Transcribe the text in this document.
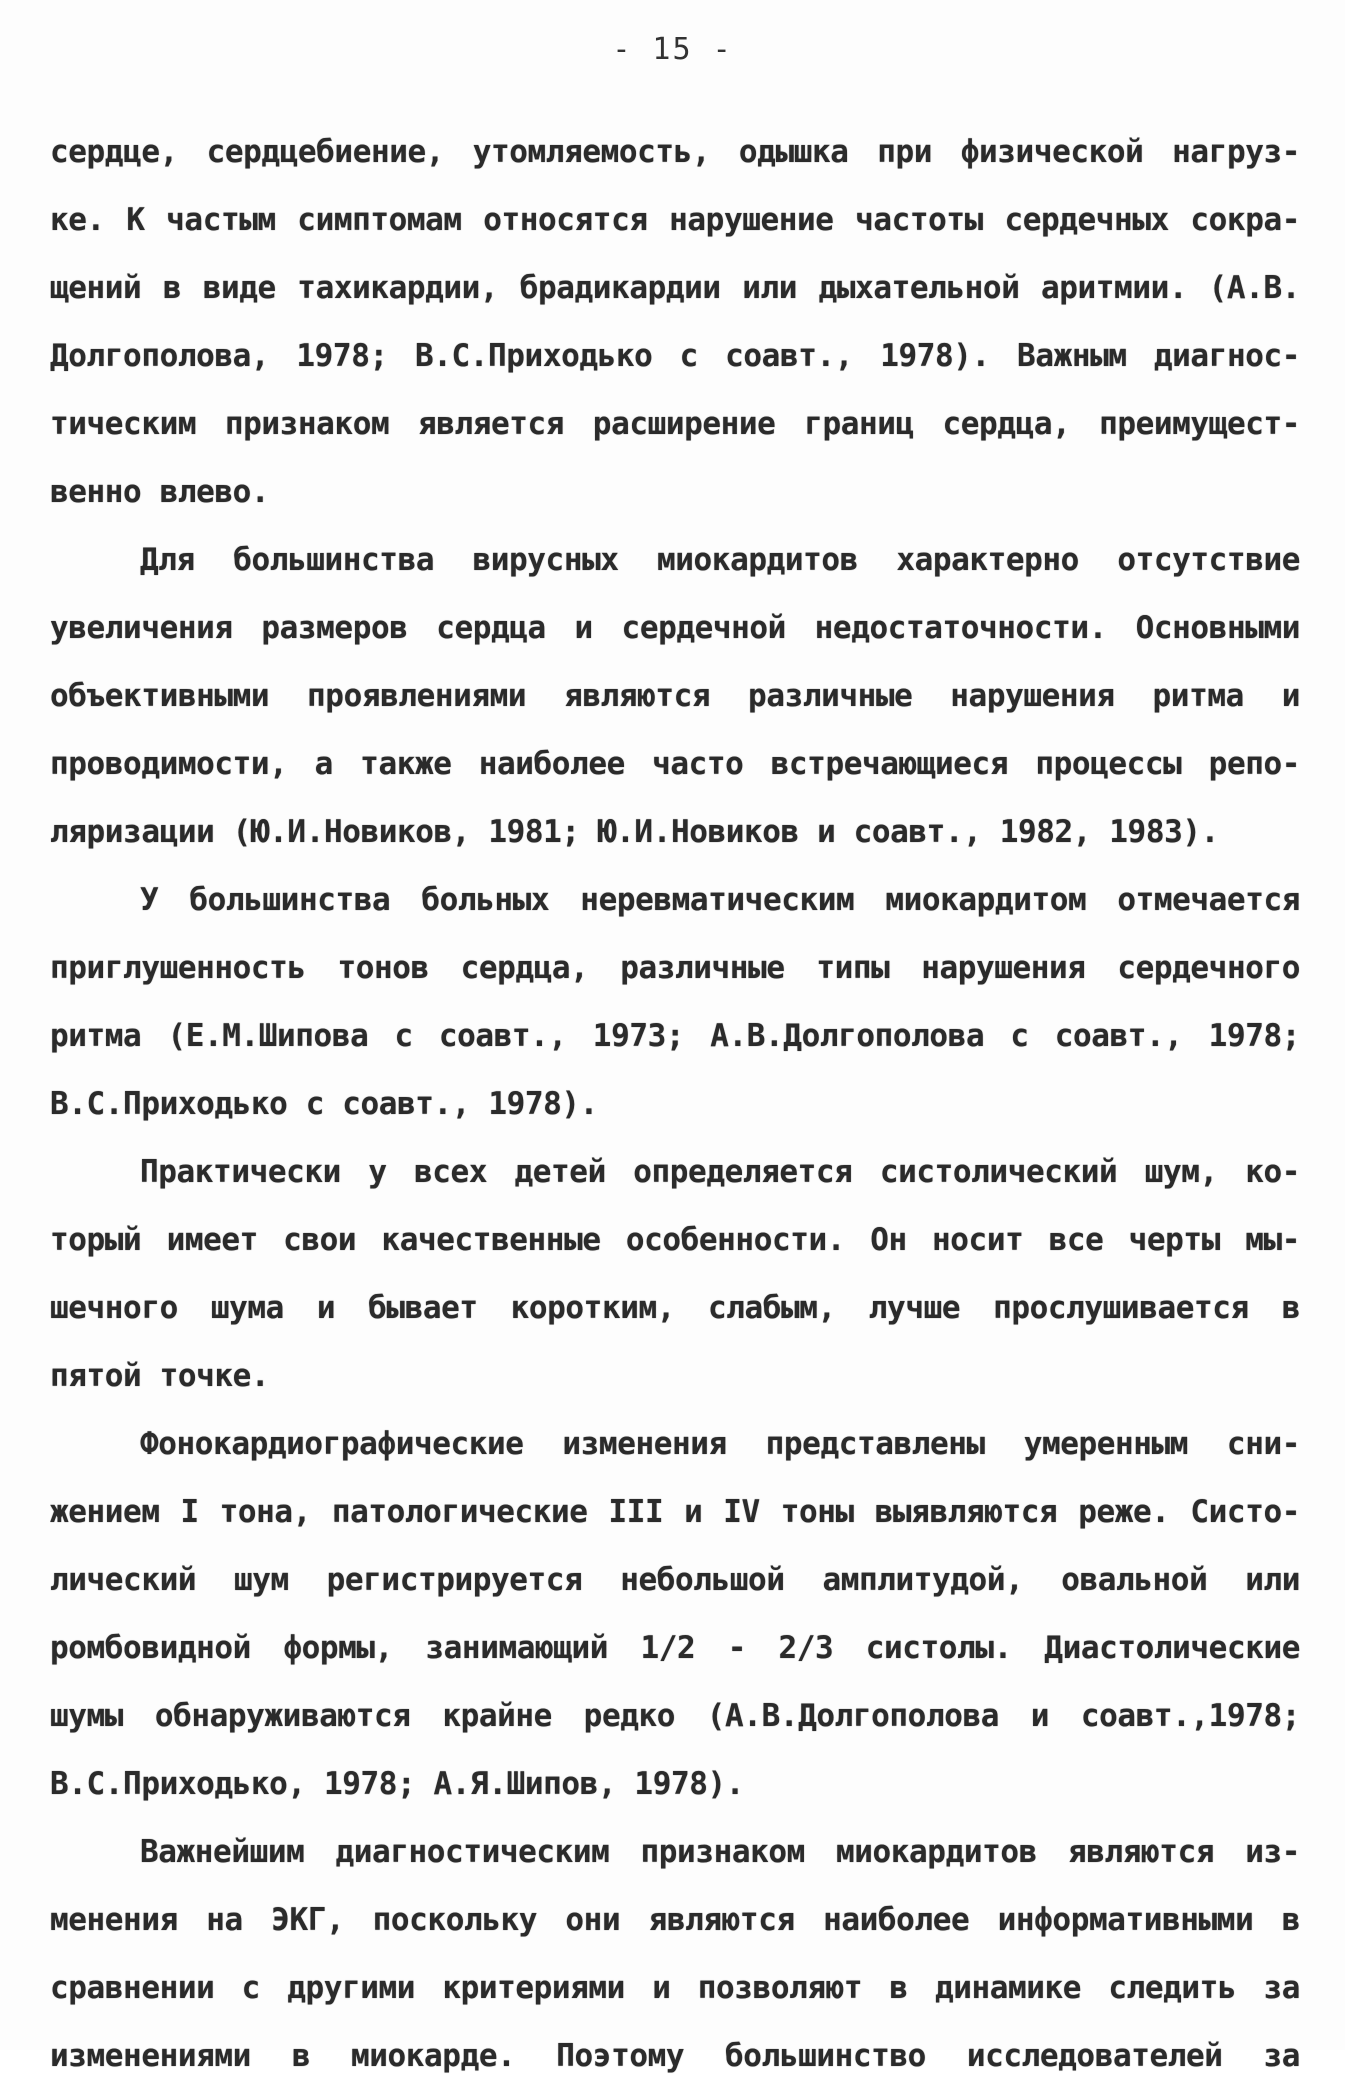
- 15 -
сердце, сердцебиение, утомляемость, одышка при физической нагруз-
ке. К частым симптомам относятся нарушение частоты сердечных сокра-
щений в виде тахикардии, брадикардии или дыхательной аритмии. (А.В.
Долгополова, 1978; В.С.Приходько с соавт., 1978). Важным диагнос-
тическим признаком является расширение границ сердца, преимущест-
венно влево.
Для большинства вирусных миокардитов характерно отсутствие
увеличения размеров сердца и сердечной недостаточности. Основными
объективными проявлениями являются различные нарушения ритма и
проводимости, а также наиболее часто встречающиеся процессы репо-
ляризации (Ю.И.Новиков, 1981; Ю.И.Новиков и соавт., 1982, 1983).
У большинства больных неревматическим миокардитом отмечается
приглушенность тонов сердца, различные типы нарушения сердечного
ритма (Е.М.Шипова с соавт., 1973; А.В.Долгополова с соавт., 1978;
В.С.Приходько с соавт., 1978).
Практически у всех детей определяется систолический шум, ко-
торый имеет свои качественные особенности. Он носит все черты мы-
шечного шума и бывает коротким, слабым, лучше прослушивается в
пятой точке.
Фонокардиографические изменения представлены умеренным сни-
жением I тона, патологические III и IV тоны выявляются реже. Систо-
лический шум регистрируется небольшой амплитудой, овальной или
ромбовидной формы, занимающий 1/2 - 2/3 систолы. Диастолические
шумы обнаруживаются крайне редко (А.В.Долгополова и соавт.,1978;
В.С.Приходько, 1978; А.Я.Шипов, 1978).
Важнейшим диагностическим признаком миокардитов являются из-
менения на ЭКГ, поскольку они являются наиболее информативными в
сравнении с другими критериями и позволяют в динамике следить за
изменениями в миокарде. Поэтому большинство исследователей за
